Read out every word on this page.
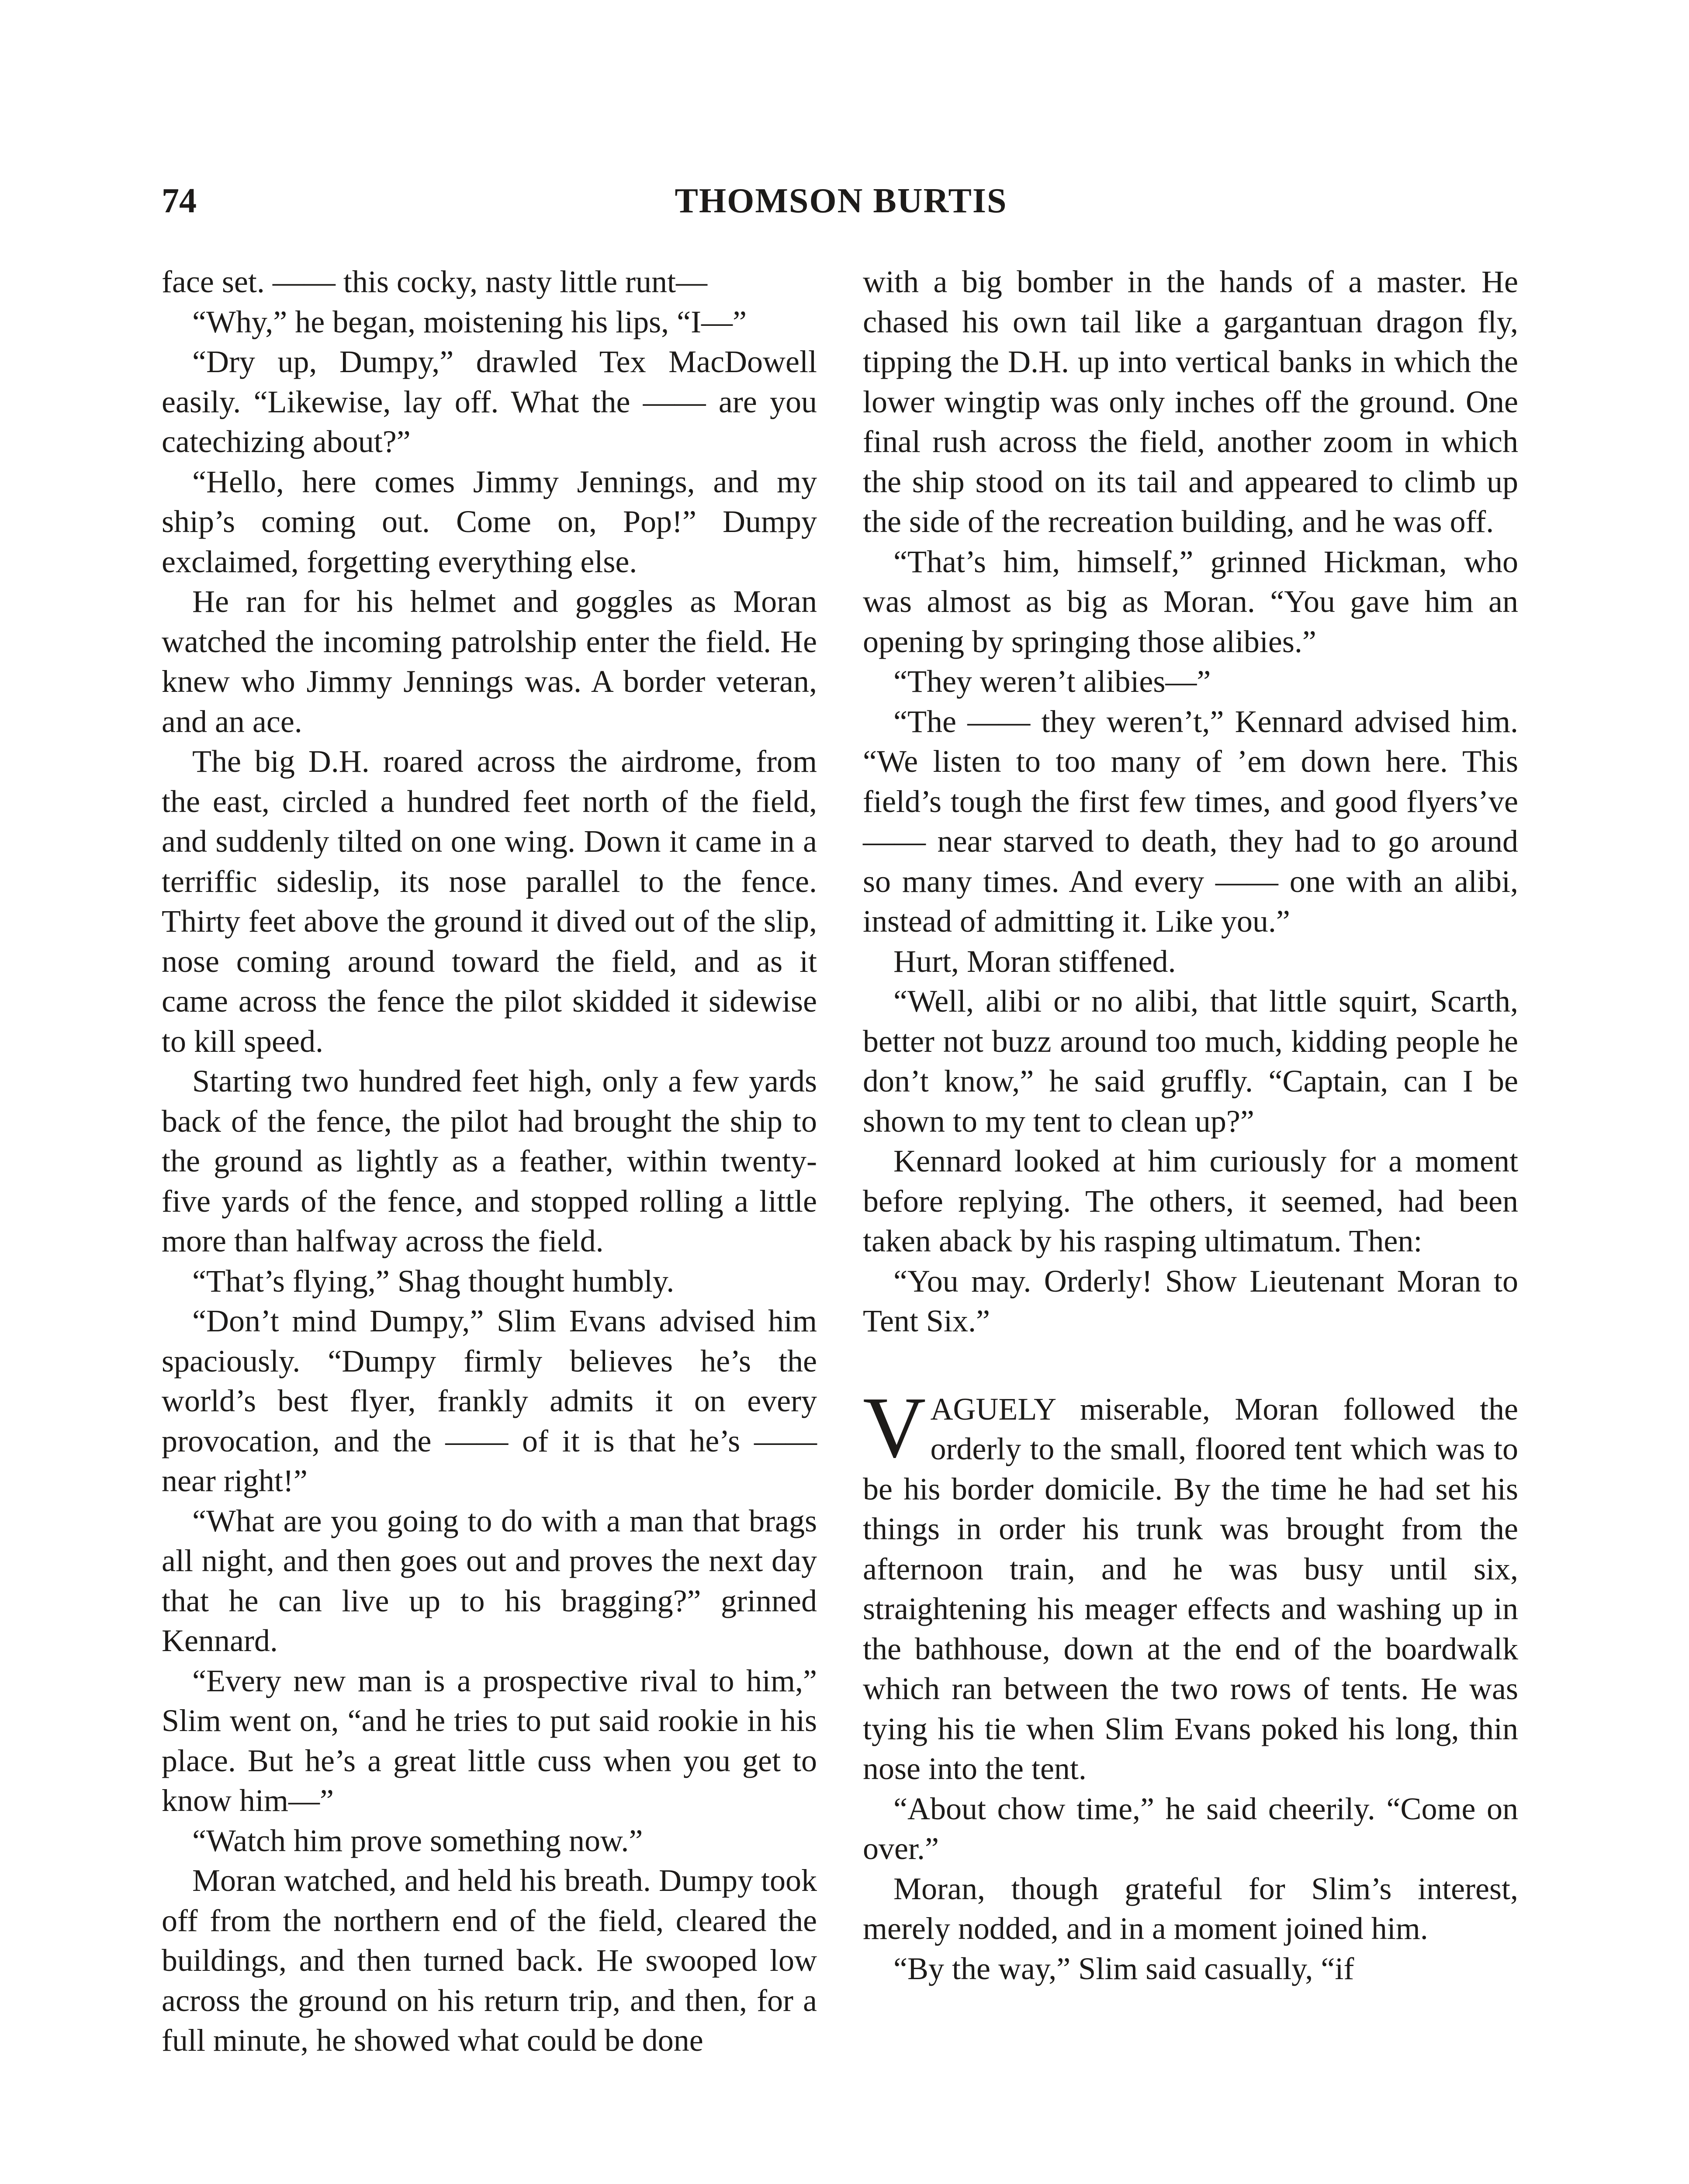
74	THOMSON BURTIS

face set. —— this cocky, nasty little runt—

“Why,” he began, moistening his lips, “I—”

“Dry up, Dumpy,” drawled Tex MacDowell easily. “Likewise, lay off. What the —— are you catechizing about?”

“Hello, here comes Jimmy Jennings, and my ship’s coming out. Come on, Pop!” Dumpy exclaimed, forgetting everything else.

He ran for his helmet and goggles as Moran watched the incoming patrolship enter the field. He knew who Jimmy Jennings was. A border veteran, and an ace.

The big D.H. roared across the airdrome, from the east, circled a hundred feet north of the field, and suddenly tilted on one wing. Down it came in a terriffic sideslip, its nose parallel to the fence. Thirty feet above the ground it dived out of the slip, nose coming around toward the field, and as it came across the fence the pilot skidded it sidewise to kill speed.

Starting two hundred feet high, only a few yards back of the fence, the pilot had brought the ship to the ground as lightly as a feather, within twenty-five yards of the fence, and stopped rolling a little more than halfway across the field.

“That’s flying,” Shag thought humbly.

“Don’t mind Dumpy,” Slim Evans advised him spaciously. “Dumpy firmly believes he’s the world’s best flyer, frankly admits it on every provocation, and the —— of it is that he’s —— near right!”

“What are you going to do with a man that brags all night, and then goes out and proves the next day that he can live up to his bragging?” grinned Kennard.

“Every new man is a prospective rival to him,” Slim went on, “and he tries to put said rookie in his place. But he’s a great little cuss when you get to know him—”

“Watch him prove something now.”

Moran watched, and held his breath. Dumpy took off from the northern end of the field, cleared the buildings, and then turned back. He swooped low across the ground on his return trip, and then, for a full minute, he showed what could be done

with a big bomber in the hands of a master. He chased his own tail like a gargantuan dragon fly, tipping the D.H. up into vertical banks in which the lower wingtip was only inches off the ground. One final rush across the field, another zoom in which the ship stood on its tail and appeared to climb up the side of the recreation building, and he was off.

“That’s him, himself,” grinned Hickman, who was almost as big as Moran. “You gave him an opening by springing those alibies.”

“They weren’t alibies—”

“The —— they weren’t,” Kennard advised him. “We listen to too many of ’em down here. This field’s tough the first few times, and good flyers’ve —— near starved to death, they had to go around so many times. And every —— one with an alibi, instead of admitting it. Like you.”

Hurt, Moran stiffened.

“Well, alibi or no alibi, that little squirt, Scarth, better not buzz around too much, kidding people he don’t know,” he said gruffly. “Captain, can I be shown to my tent to clean up?”

Kennard looked at him curiously for a moment before replying. The others, it seemed, had been taken aback by his rasping ultimatum. Then:

“You may. Orderly! Show Lieutenant Moran to Tent Six.”

VAGUELY miserable, Moran followed the orderly to the small, floored tent which was to be his border domicile. By the time he had set his things in order his trunk was brought from the afternoon train, and he was busy until six, straightening his meager effects and washing up in the bathhouse, down at the end of the boardwalk which ran between the two rows of tents. He was tying his tie when Slim Evans poked his long, thin nose into the tent.

“About chow time,” he said cheerily. “Come on over.”

Moran, though grateful for Slim’s interest, merely nodded, and in a moment joined him.

“By the way,” Slim said casually, “if
